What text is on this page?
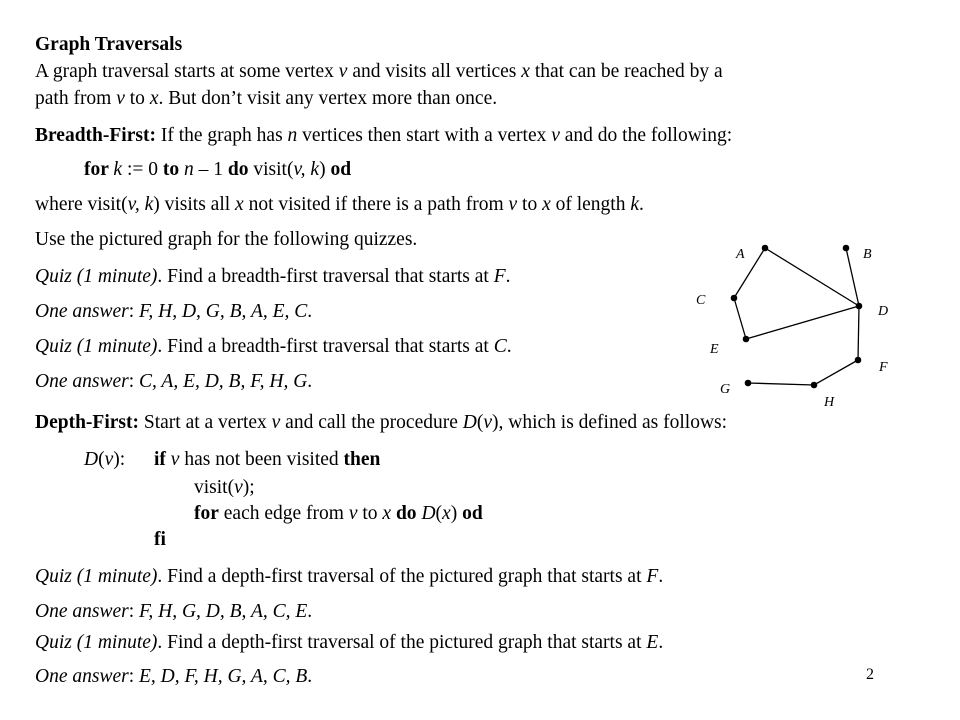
Graph Traversals
A graph traversal starts at some vertex v and visits all vertices x that can be reached by a
path from v to x. But don’t visit any vertex more than once.
Breadth-First: If the graph has n vertices then start with a vertex v and do the following:
for k := 0 to n – 1 do visit(v, k) od
where visit(v, k) visits all x not visited if there is a path from v to x of length k.
Use the pictured graph for the following quizzes.
Quiz (1 minute). Find a breadth-first traversal that starts at F.
One answer: F, H, D, G, B, A, E, C.
Quiz (1 minute). Find a breadth-first traversal that starts at C.
One answer: C, A, E, D, B, F, H, G.
Depth-First: Start at a vertex v and call the procedure D(v), which is defined as follows:
D(v): if v has not been visited then
visit(v);
for each edge from v to x do D(x) od
fi
Quiz (1 minute). Find a depth-first traversal of the pictured graph that starts at F.
One answer: F, H, G, D, B, A, C, E.
Quiz (1 minute). Find a depth-first traversal of the pictured graph that starts at E.
One answer: E, D, F, H, G, A, C, B.
A	B
C
D
E
F
G
H
2
